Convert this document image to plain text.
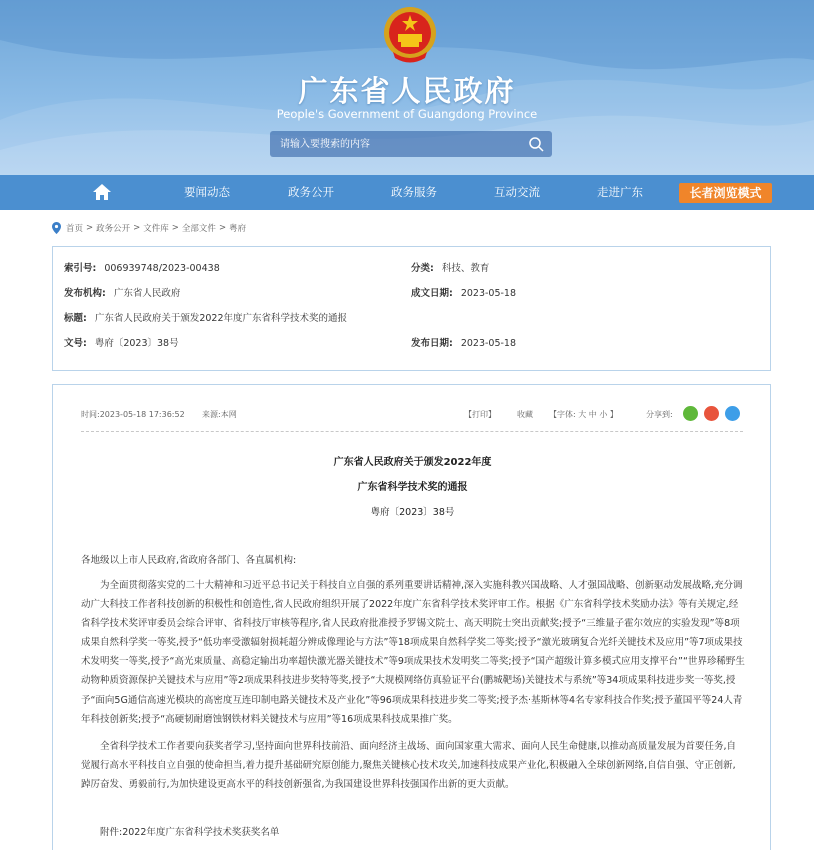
广东省人民政府
People's Government of Guangdong Province
请输入要搜索的内容
要闻动态	政务公开	政务服务	互动交流	走进广东	长者浏览模式
首页 > 政务公开 > 文件库 > 全部文件 > 粤府
索引号: 006939748/2023-00438	分类: 科技、教育
发布机构: 广东省人民政府	成文日期: 2023-05-18
标题: 广东省人民政府关于颁发2022年度广东省科学技术奖的通报
文号: 粤府〔2023〕38号	发布日期: 2023-05-18
时间:2023-05-18 17:36:52 来源:本网	【打印】	收藏 【字体: 大 中 小 】	分享到:
广东省人民政府关于颁发2022年度
广东省科学技术奖的通报
粤府〔2023〕38号
各地级以上市人民政府,省政府各部门、各直属机构:
为全面贯彻落实党的二十大精神和习近平总书记关于科技自立自强的系列重要讲话精神,深入实施科教兴国战略、人才强国战略、创新驱动发展战略,充分调动广大科技工作者科技创新的积极性和创造性,省人民政府组织开展了2022年度广东省科学技术奖评审工作。根据《广东省科学技术奖励办法》等有关规定,经省科学技术奖评审委员会综合评审、省科技厅审核等程序,省人民政府批准授予罗锡文院士、高天明院士突出贡献奖;授予“三维量子霍尔效应的实验发现”等8项成果自然科学奖一等奖,授予“低功率受激辐射损耗超分辨成像理论与方法”等18项成果自然科学奖二等奖;授予“激光玻璃复合光纤关键技术及应用”等7项成果技术发明奖一等奖,授予“高光束质量、高稳定输出功率超快激光器关键技术”等9项成果技术发明奖二等奖;授予“国产超级计算多模式应用支撑平台”“世界珍稀野生动物种质资源保护关键技术与应用”等2项成果科技进步奖特等奖,授予“大规模网络仿真验证平台(鹏城靶场)关键技术与系统”等34项成果科技进步奖一等奖,授予“面向5G通信高速光模块的高密度互连印制电路关键技术及产业化”等96项成果科技进步奖二等奖;授予杰·基斯林等4名专家科技合作奖;授予董国平等24人青年科技创新奖;授予“高硬韧耐磨蚀钢铁材料关键技术与应用”等16项成果科技成果推广奖。
全省科学技术工作者要向获奖者学习,坚持面向世界科技前沿、面向经济主战场、面向国家重大需求、面向人民生命健康,以推动高质量发展为首要任务,自觉履行高水平科技自立自强的使命担当,着力提升基础研究原创能力,聚焦关键核心技术攻关,加速科技成果产业化,积极融入全球创新网络,自信自强、守正创新,踔厉奋发、勇毅前行,为加快建设更高水平的科技创新强省,为我国建设世界科技强国作出新的更大贡献。
附件:2022年度广东省科学技术奖获奖名单
